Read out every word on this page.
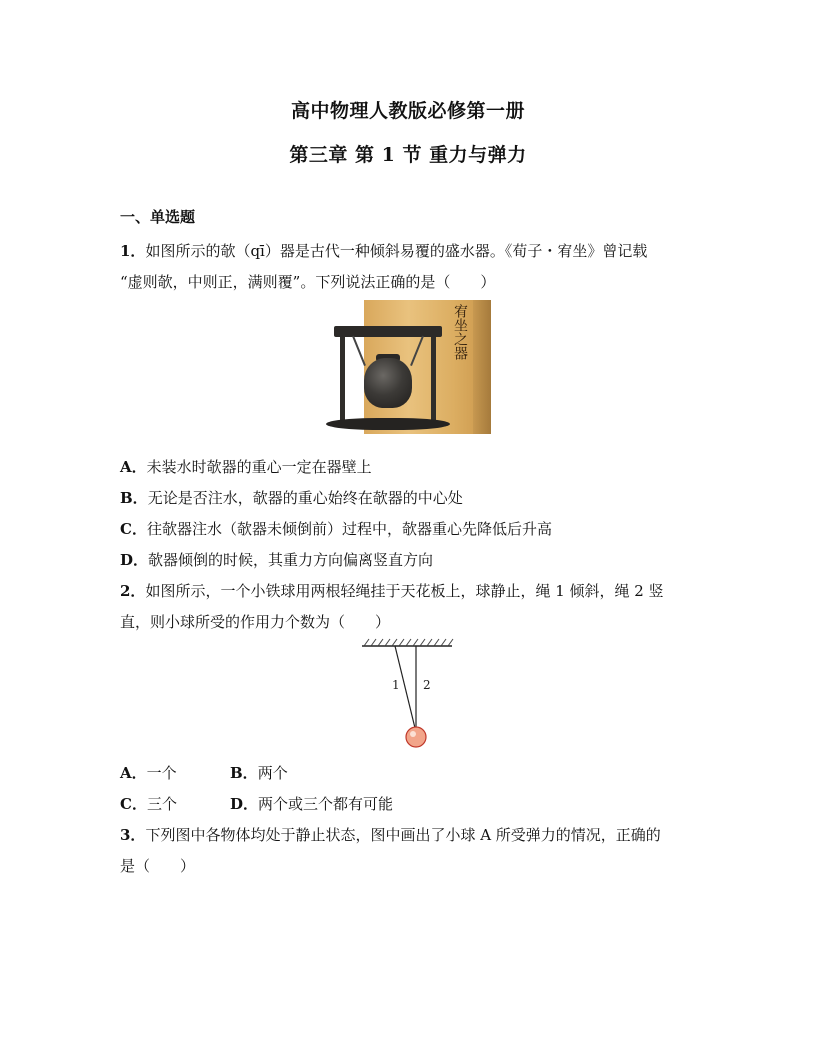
高中物理人教版必修第一册
第三章 第 1 节 重力与弹力
一、单选题
1．如图所示的欹（qī）器是古代一种倾斜易覆的盛水器。《荀子・宥坐》曾记载
“虚则欹，中则正，满则覆”。下列说法正确的是（　　）
宥坐之器
A．未装水时欹器的重心一定在器壁上
B．无论是否注水，欹器的重心始终在欹器的中心处
C．往欹器注水（欹器未倾倒前）过程中，欹器重心先降低后升高
D．欹器倾倒的时候，其重力方向偏离竖直方向
2．如图所示，一个小铁球用两根轻绳挂于天花板上，球静止，绳 1 倾斜，绳 2 竖
直，则小球所受的作用力个数为（　　）
1 2
A．一个	B．两个
C．三个	D．两个或三个都有可能
3．下列图中各物体均处于静止状态，图中画出了小球 A 所受弹力的情况，正确的
是（　　）
